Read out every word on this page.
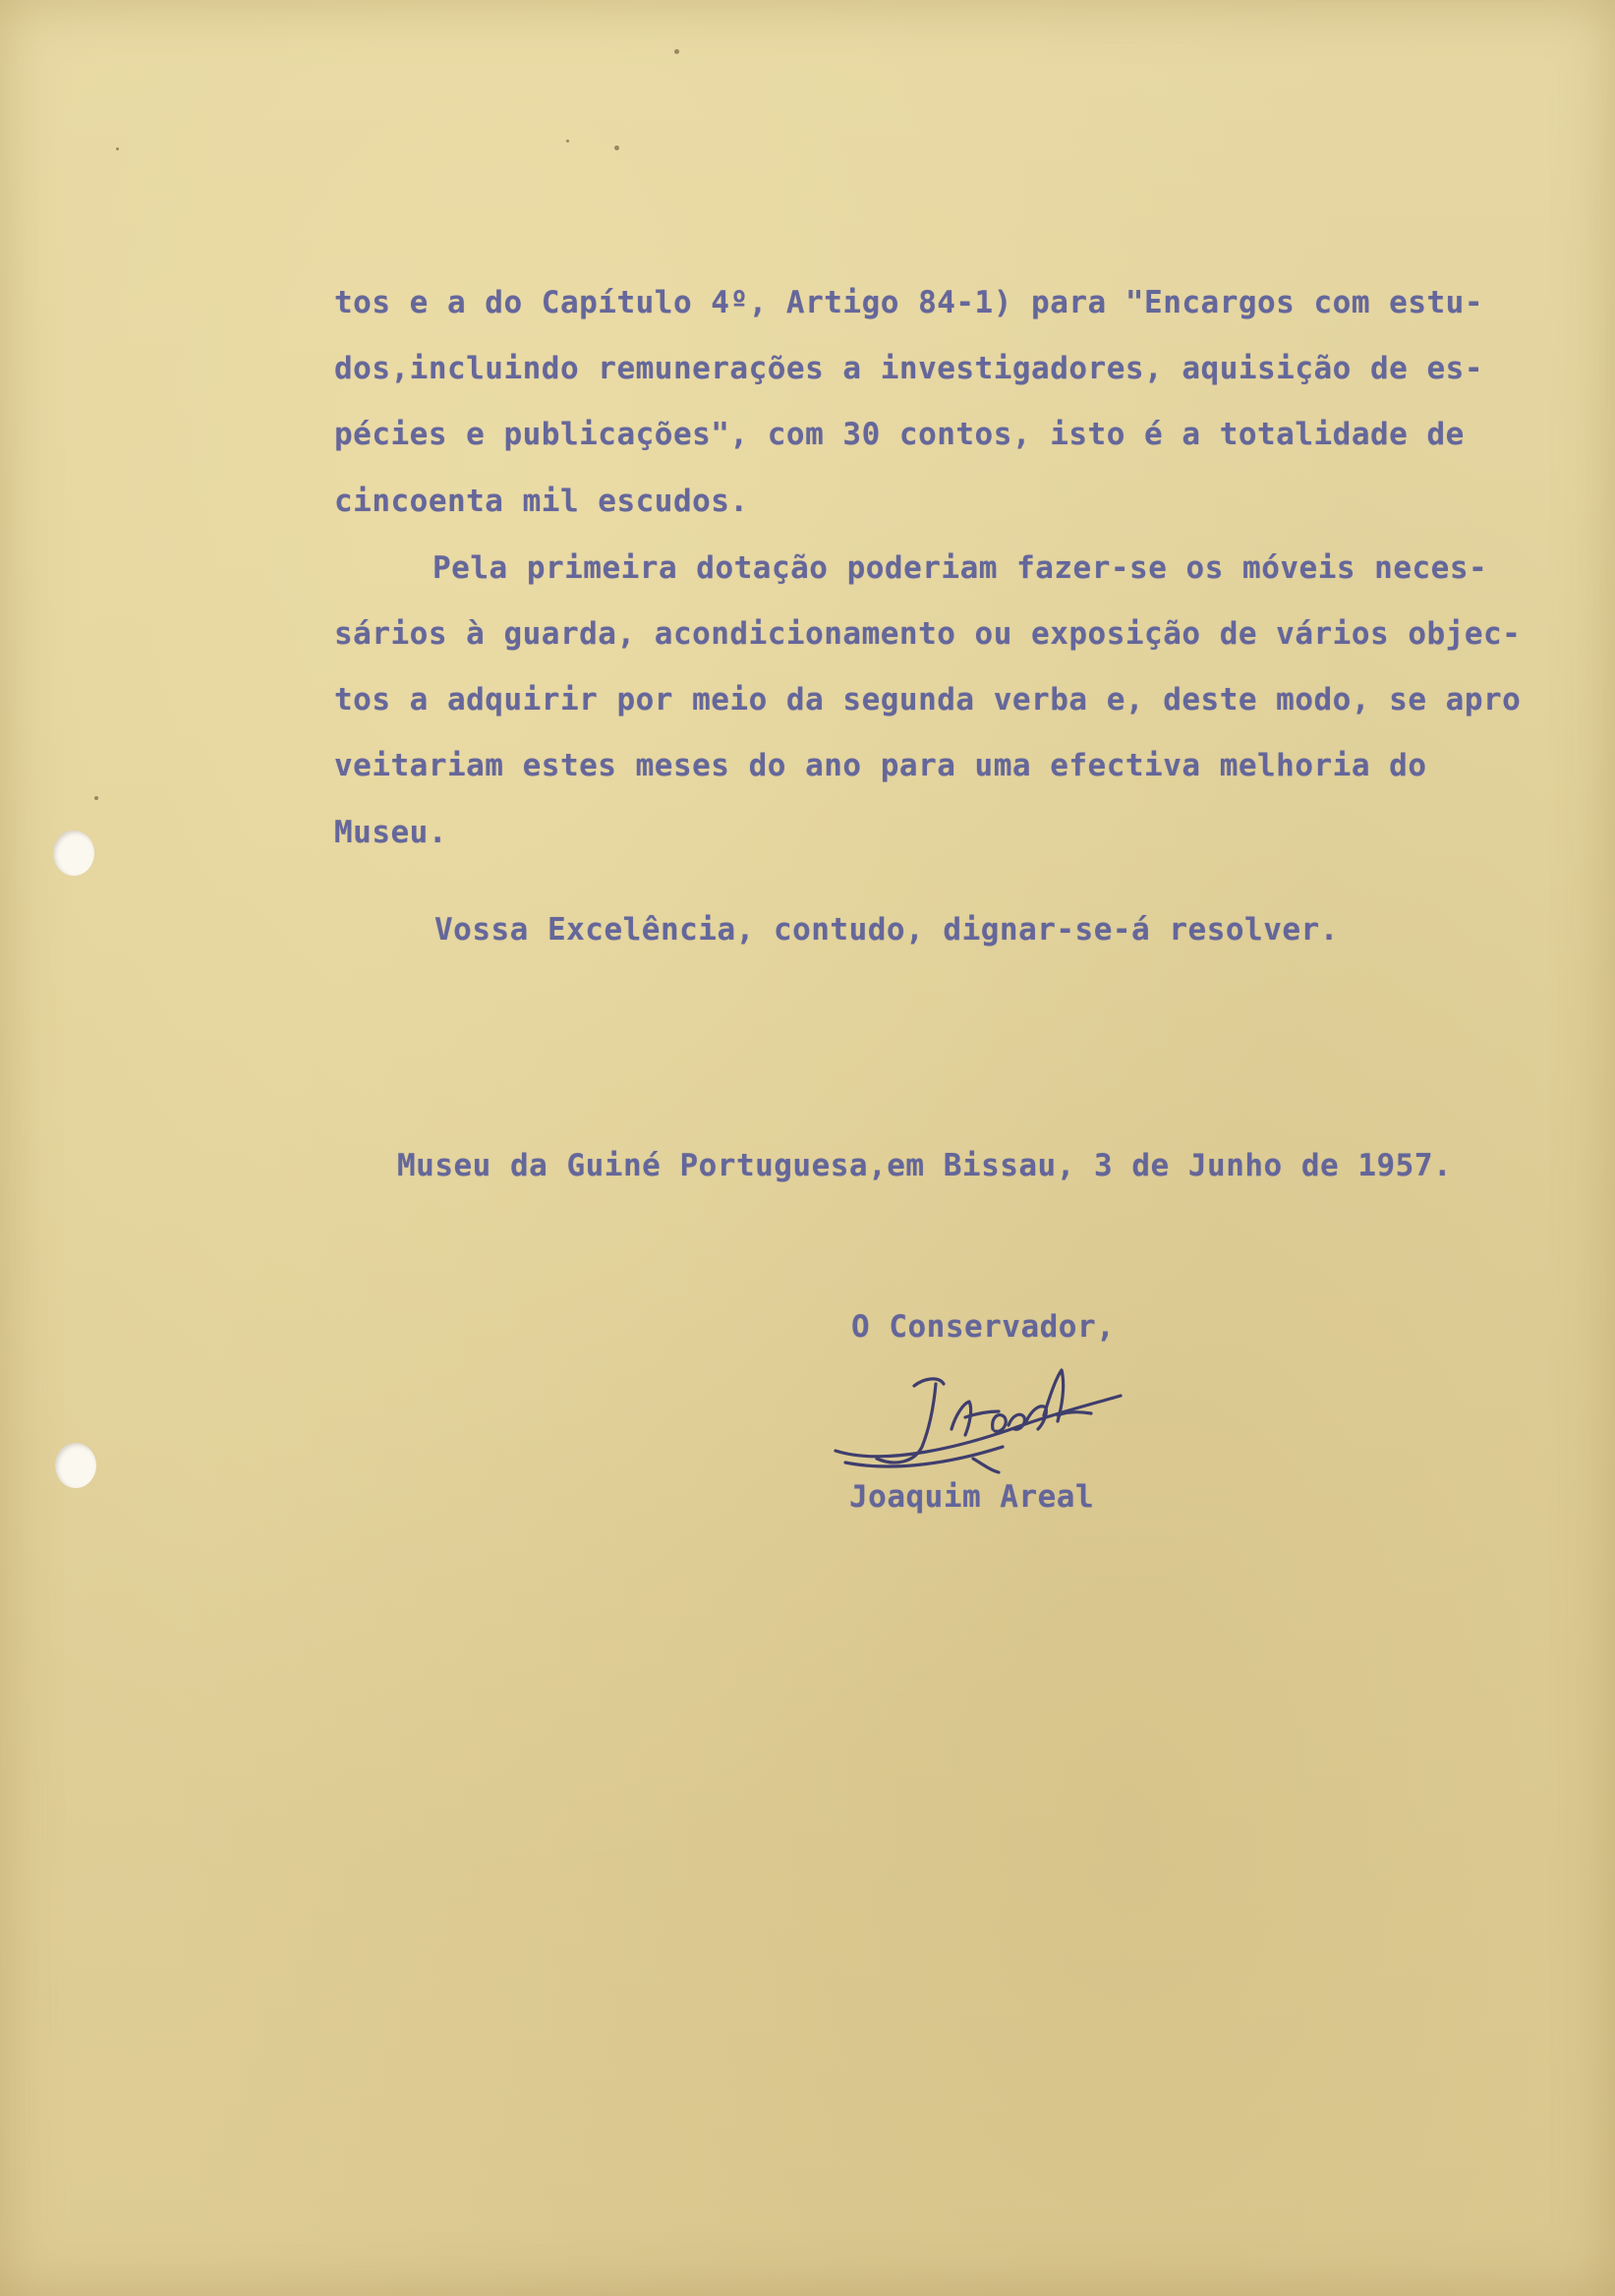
tos e a do Capítulo 4º, Artigo 84-1) para "Encargos com estu-
dos,incluindo remunerações a investigadores, aquisição de es-
pécies e publicações", com 30 contos, isto é a totalidade de
cincoenta mil escudos.
Pela primeira dotação poderiam fazer-se os móveis neces-
sários à guarda, acondicionamento ou exposição de vários objec-
tos a adquirir por meio da segunda verba e, deste modo, se apro
veitariam estes meses do ano para uma efectiva melhoria do
Museu.
Vossa Excelência, contudo, dignar-se-á resolver.
Museu da Guiné Portuguesa,em Bissau, 3 de Junho de 1957.
O Conservador,
Joaquim Areal
